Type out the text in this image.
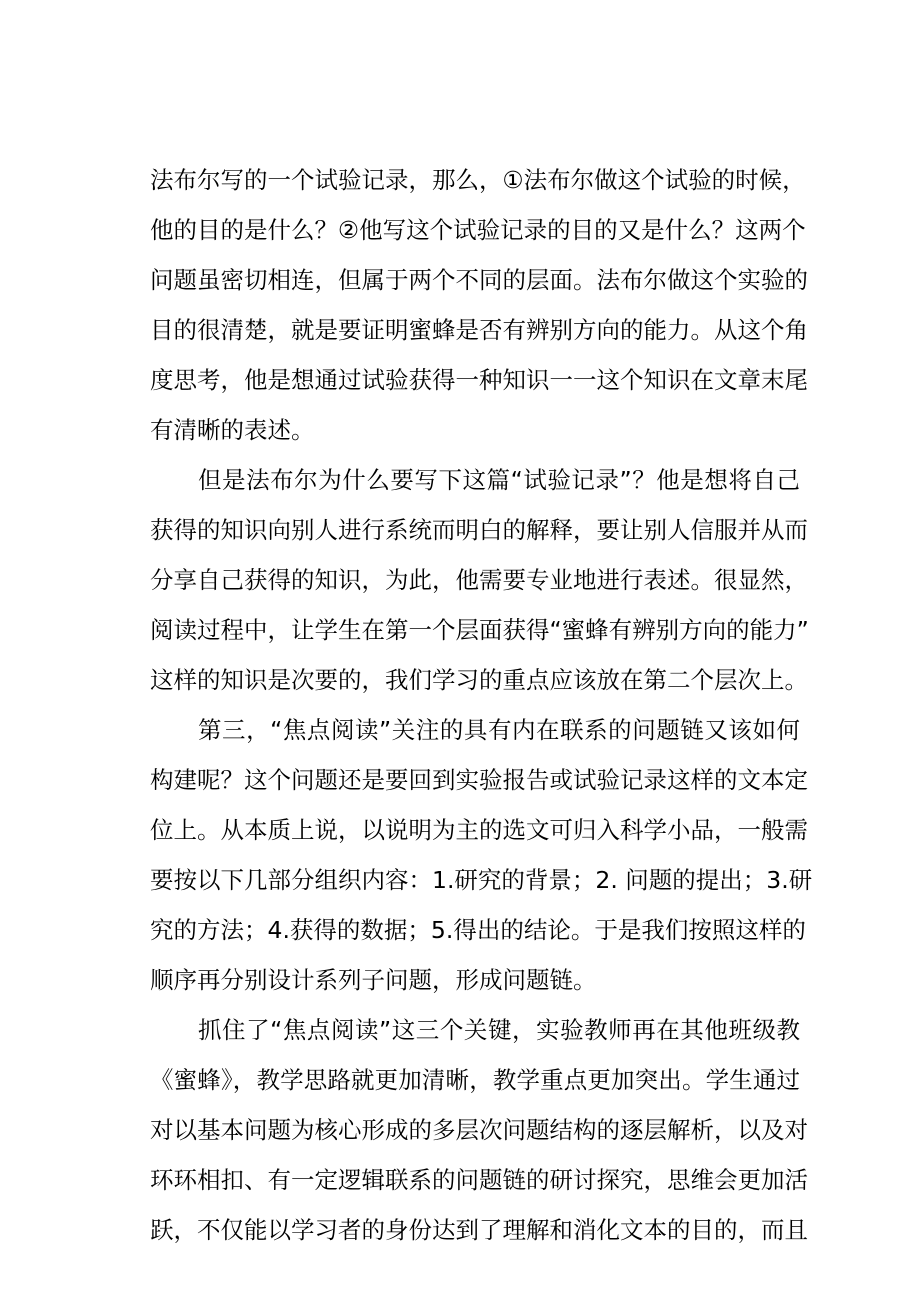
法布尔写的一个试验记录，那么，①法布尔做这个试验的时候，
他的目的是什么？②他写这个试验记录的目的又是什么？这两个
问题虽密切相连，但属于两个不同的层面。法布尔做这个实验的
目的很清楚，就是要证明蜜蜂是否有辨别方向的能力。从这个角
度思考，他是想通过试验获得一种知识一一这个知识在文章末尾
有清晰的表述。
但是法布尔为什么要写下这篇“试验记录”？他是想将自己
获得的知识向别人进行系统而明白的解释，要让别人信服并从而
分享自己获得的知识，为此，他需要专业地进行表述。很显然，
阅读过程中，让学生在第一个层面获得“蜜蜂有辨别方向的能力”
这样的知识是次要的，我们学习的重点应该放在第二个层次上。
第三，“焦点阅读”关注的具有内在联系的问题链又该如何
构建呢？这个问题还是要回到实验报告或试验记录这样的文本定
位上。从本质上说，以说明为主的选文可归入科学小品，一般需
要按以下几部分组织内容：1.研究的背景；2. 问题的提出；3.研
究的方法；4.获得的数据；5.得出的结论。于是我们按照这样的
顺序再分别设计系列子问题，形成问题链。
抓住了“焦点阅读”这三个关键，实验教师再在其他班级教
《蜜蜂》，教学思路就更加清晰，教学重点更加突出。学生通过
对以基本问题为核心形成的多层次问题结构的逐层解析，以及对
环环相扣、有一定逻辑联系的问题链的研讨探究，思维会更加活
跃，不仅能以学习者的身份达到了理解和消化文本的目的，而且
